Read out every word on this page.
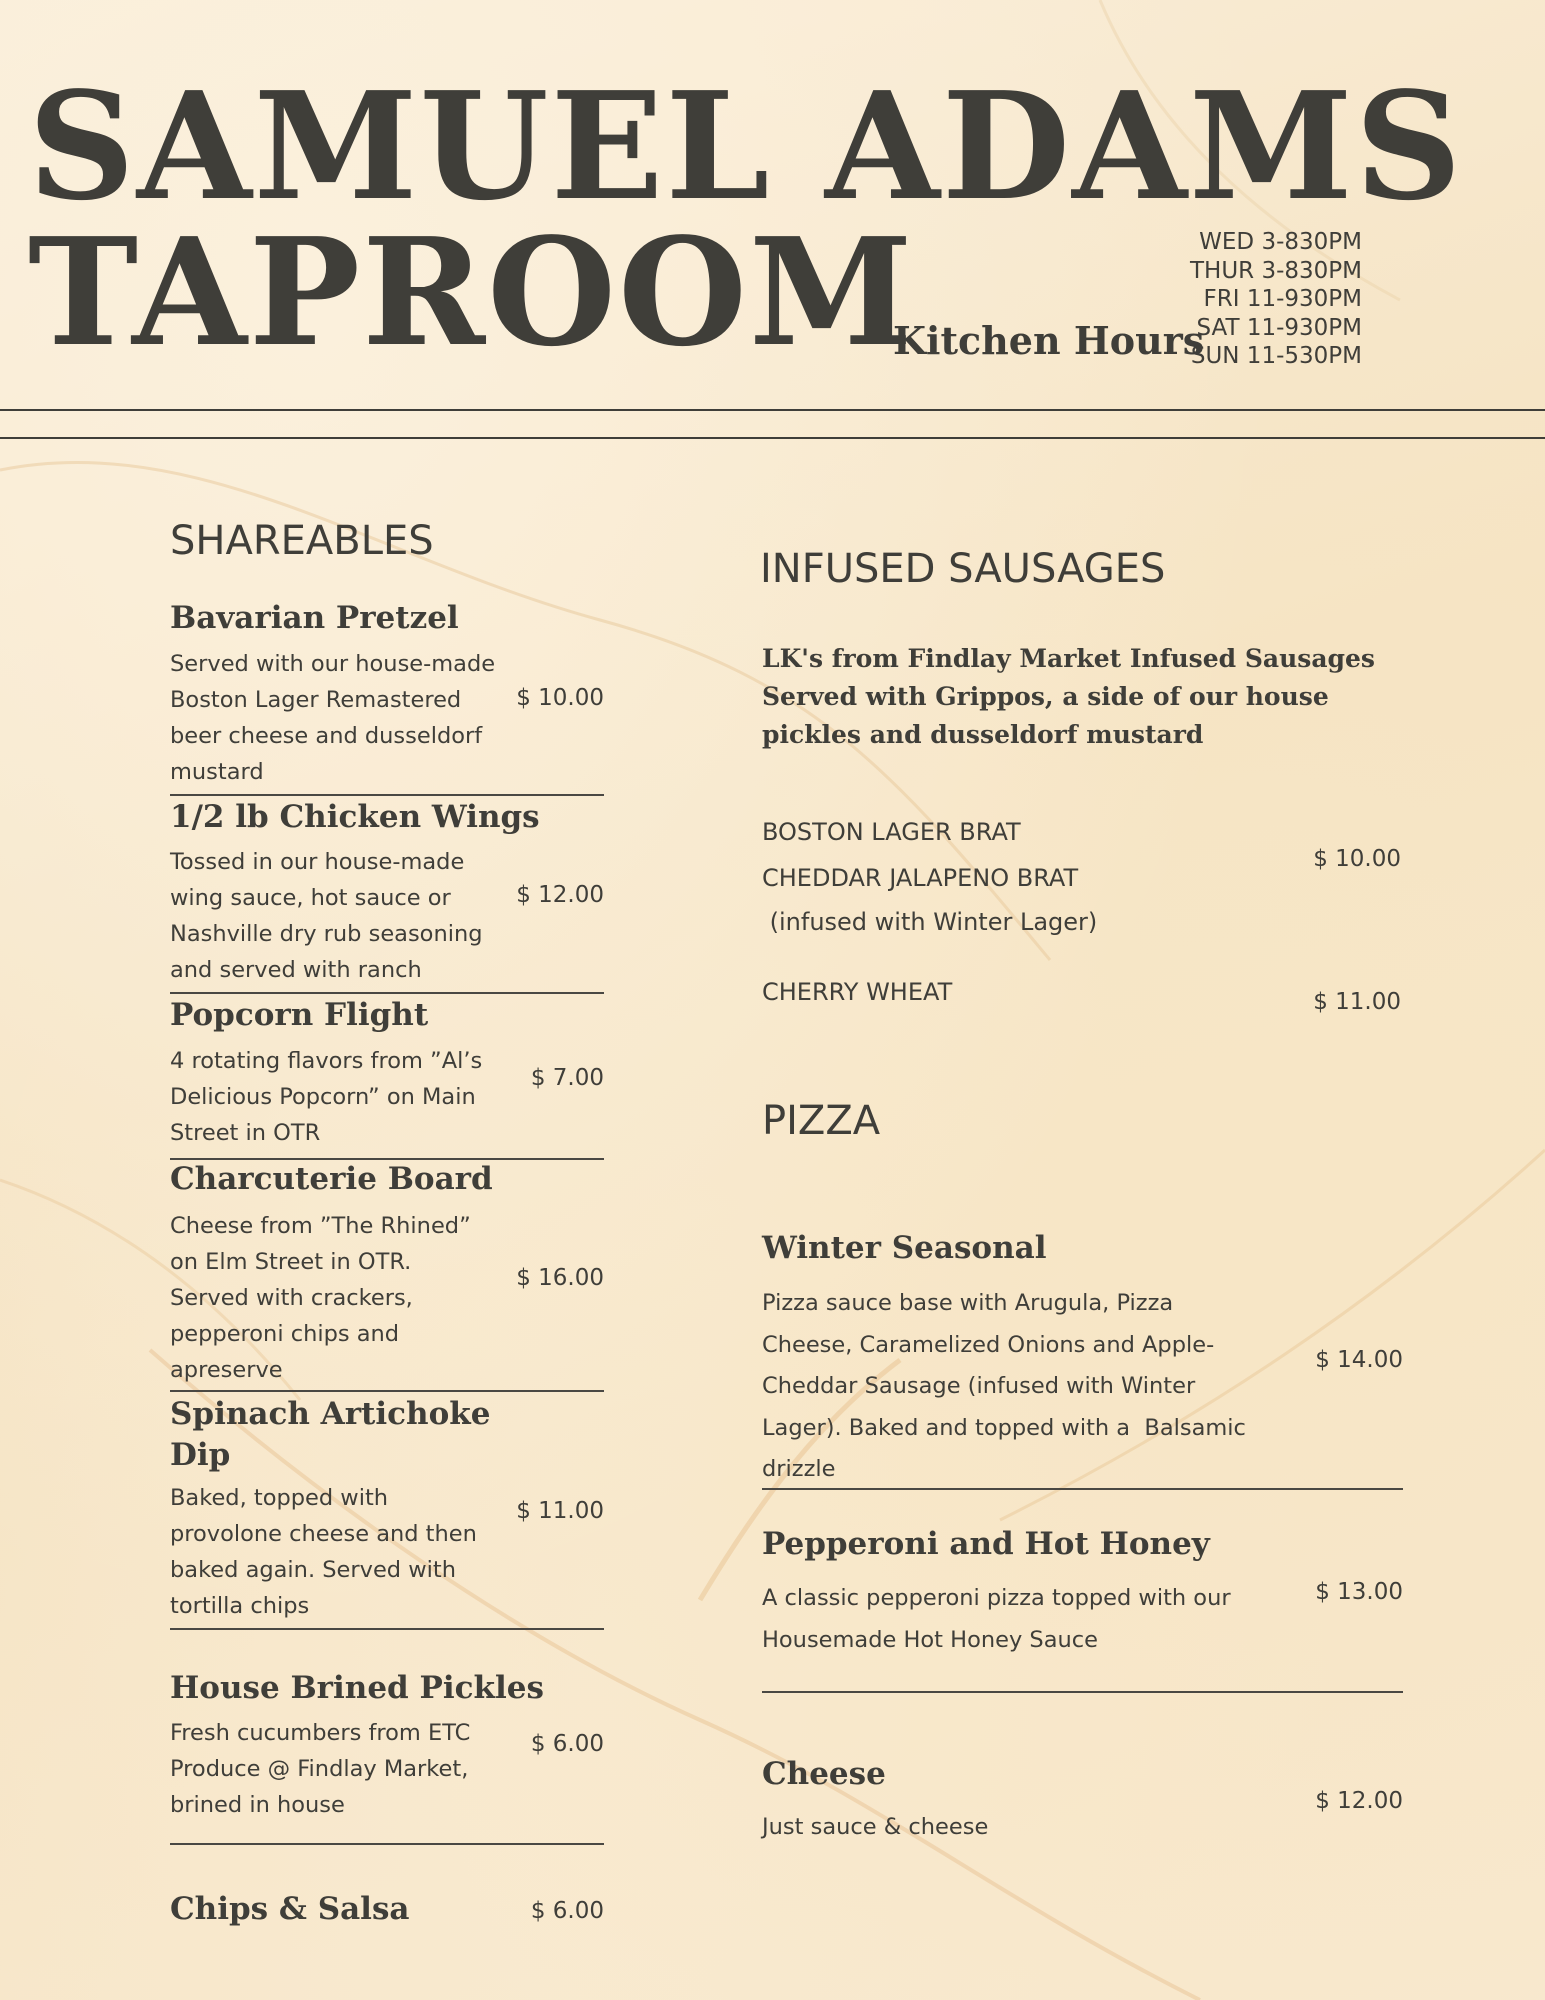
SAMUEL ADAMS
TAPROOM
Kitchen Hours
WED 3-830PM
THUR 3-830PM
FRI 11-930PM
SAT 11-930PM
SUN 11-530PM
SHAREABLES
Bavarian Pretzel
Served with our house-made
Boston Lager Remastered
beer cheese and dusseldorf
mustard
$ 10.00
1/2 lb Chicken Wings
Tossed in our house-made
wing sauce, hot sauce or
Nashville dry rub seasoning
and served with ranch
$ 12.00
Popcorn Flight
4 rotating flavors from ”Al’s
Delicious Popcorn” on Main
Street in OTR
$ 7.00
Charcuterie Board
Cheese from ”The Rhined”
on Elm Street in OTR.
Served with crackers,
pepperoni chips and
apreserve
$ 16.00
Spinach Artichoke
Dip
Baked, topped with
provolone cheese and then
baked again. Served with
tortilla chips
$ 11.00
House Brined Pickles
Fresh cucumbers from ETC
Produce @ Findlay Market,
brined in house
$ 6.00
Chips & Salsa	$ 6.00
INFUSED SAUSAGES
LK's from Findlay Market Infused Sausages
Served with Grippos, a side of our house
pickles and dusseldorf mustard
BOSTON LAGER BRAT
CHEDDAR JALAPENO BRAT
(infused with Winter Lager)
$ 10.00
CHERRY WHEAT	$ 11.00
PIZZA
Winter Seasonal
Pizza sauce base with Arugula, Pizza
Cheese, Caramelized Onions and Apple-
Cheddar Sausage (infused with Winter
Lager). Baked and topped with a  Balsamic
drizzle
$ 14.00
Pepperoni and Hot Honey
A classic pepperoni pizza topped with our
Housemade Hot Honey Sauce
$ 13.00
Cheese
Just sauce & cheese
$ 12.00
